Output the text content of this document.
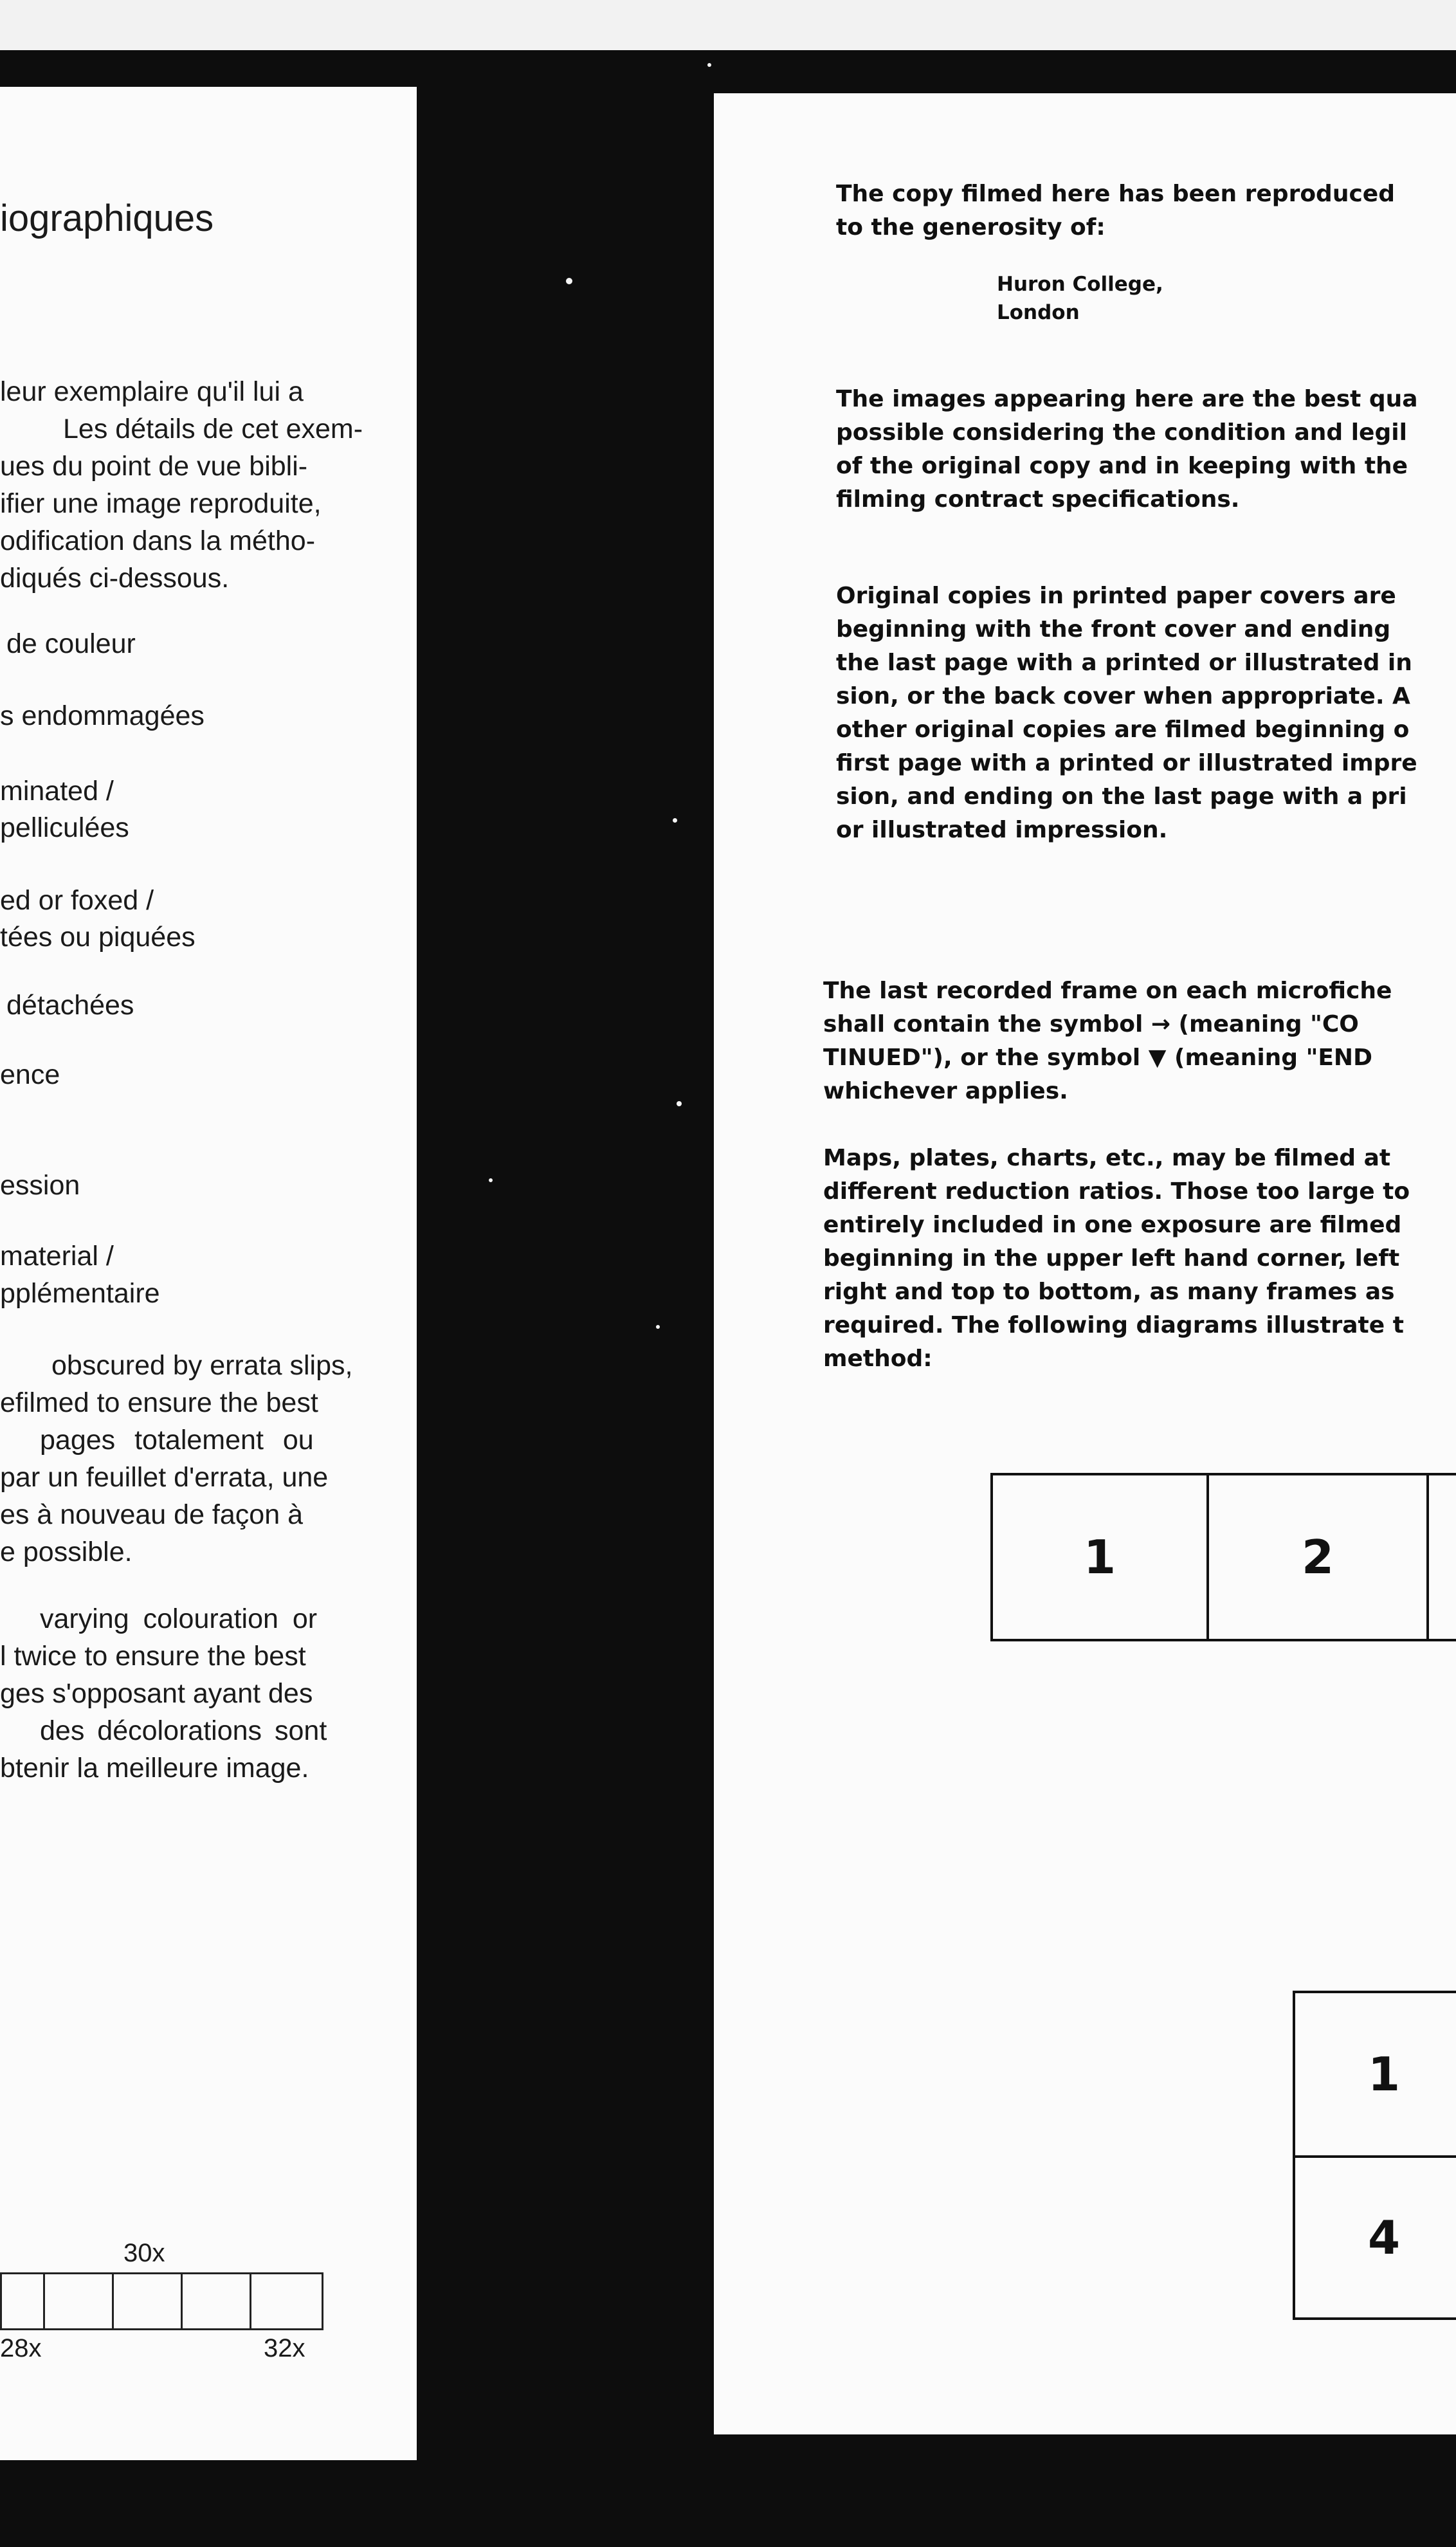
iographiques
leur exemplaire qu'il lui a
Les détails de cet exem-
ues du point de vue bibli-
ifier une image reproduite,
odification dans la métho-
diqués ci-dessous.
de couleur
s endommagées
minated /
pelliculées
ed or foxed /
tées ou piquées
détachées
ence
ession
material /
pplémentaire
obscured by errata slips,
efilmed to ensure the best
pages totalement ou
par un feuillet d'errata, une
es à nouveau de façon à
e possible.
varying colouration or
l twice to ensure the best
ges s'opposant ayant des
des décolorations sont
btenir la meilleure image.
30x
28x	32x
The copy filmed here has been reproduced
to the generosity of:
Huron College,
London
The images appearing here are the best qua
possible considering the condition and legil
of the original copy and in keeping with the
filming contract specifications.
Original copies in printed paper covers are
beginning with the front cover and ending
the last page with a printed or illustrated in
sion, or the back cover when appropriate. A
other original copies are filmed beginning o
first page with a printed or illustrated impre
sion, and ending on the last page with a pri
or illustrated impression.
The last recorded frame on each microfiche
shall contain the symbol → (meaning "CO
TINUED"), or the symbol ▼ (meaning "END
whichever applies.
Maps, plates, charts, etc., may be filmed at
different reduction ratios. Those too large to
entirely included in one exposure are filmed
beginning in the upper left hand corner, left
right and top to bottom, as many frames as
required. The following diagrams illustrate t
method:
1	2
1
4
